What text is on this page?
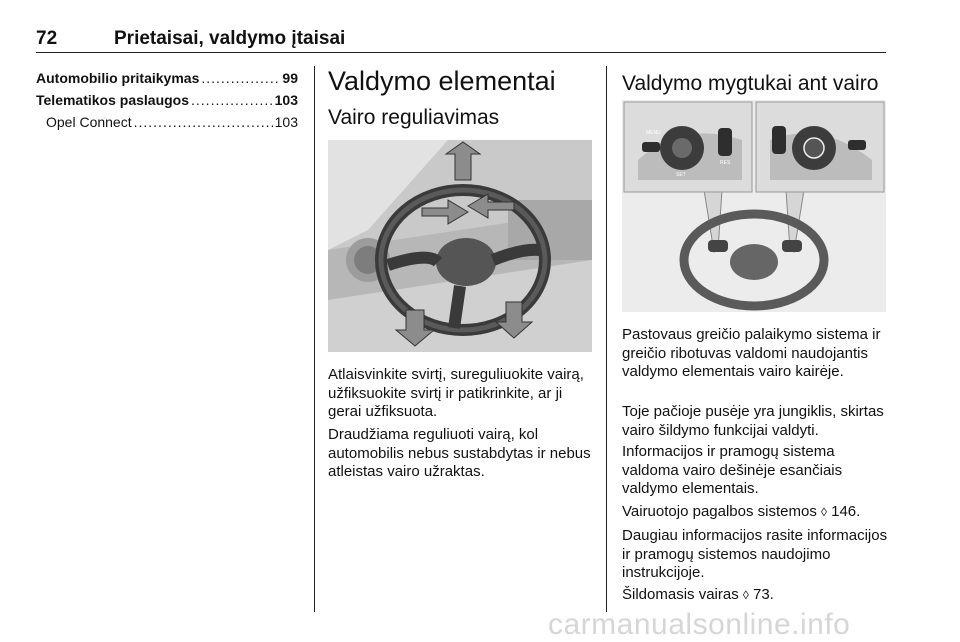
72	Prietaisai, valdymo įtaisai
Automobilio pritaikymas .....	99
Telematikos paslaugos .....	103
Opel Connect .....	103
Valdymo elementai
Vairo reguliavimas

Atlaisvinkite svirtį, sureguliuokite vairą, užfiksuokite svirtį ir patikrinkite, ar ji gerai užfiksuota.

Draudžiama reguliuoti vairą, kol automobilis nebus sustabdytas ir nebus atleistas vairo užraktas.

Valdymo mygtukai ant vairo
MENU
RES
SET

Pastovaus greičio palaikymo sistema ir greičio ribotuvas valdomi naudojantis valdymo elementais vairo kairėje.

Toje pačioje pusėje yra jungiklis, skirtas vairo šildymo funkcijai valdyti.

Informacijos ir pramogų sistema valdoma vairo dešinėje esančiais valdymo elementais.

Vairuotojo pagalbos sistemos ◊ 146.

Daugiau informacijos rasite informacijos ir pramogų sistemos naudojimo instrukcijoje.

Šildomasis vairas ◊ 73.

carmanualsonline.info
